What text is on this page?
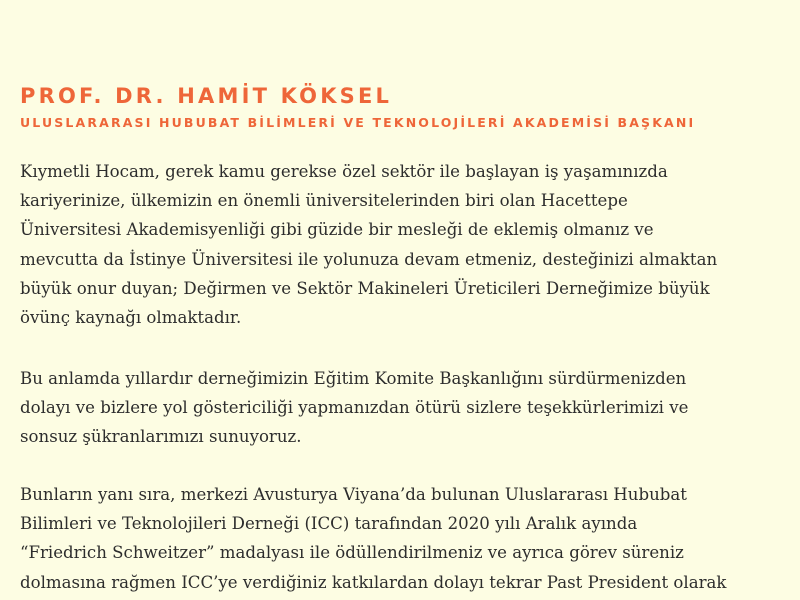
PROF. DR. HAMİT KÖKSEL
ULUSLARARASI HUBUBAT BİLİMLERİ VE TEKNOLOJİLERİ AKADEMİSİ BAŞKANI

Kıymetli Hocam, gerek kamu gerekse özel sektör ile başlayan iş yaşamınızda
kariyerinize, ülkemizin en önemli üniversitelerinden biri olan Hacettepe
Üniversitesi Akademisyenliği gibi güzide bir mesleği de eklemiş olmanız ve
mevcutta da İstinye Üniversitesi ile yolunuza devam etmeniz, desteğinizi almaktan
büyük onur duyan; Değirmen ve Sektör Makineleri Üreticileri Derneğimize büyük
övünç kaynağı olmaktadır.

Bu anlamda yıllardır derneğimizin Eğitim Komite Başkanlığını sürdürmenizden
dolayı ve bizlere yol göstericiliği yapmanızdan ötürü sizlere teşekkürlerimizi ve
sonsuz şükranlarımızı sunuyoruz.

Bunların yanı sıra, merkezi Avusturya Viyana’da bulunan Uluslararası Hububat
Bilimleri ve Teknolojileri Derneği (ICC) tarafından 2020 yılı Aralık ayında
“Friedrich Schweitzer” madalyası ile ödüllendirilmeniz ve ayrıca görev süreniz
dolmasına rağmen ICC’ye verdiğiniz katkılardan dolayı tekrar Past President olarak
